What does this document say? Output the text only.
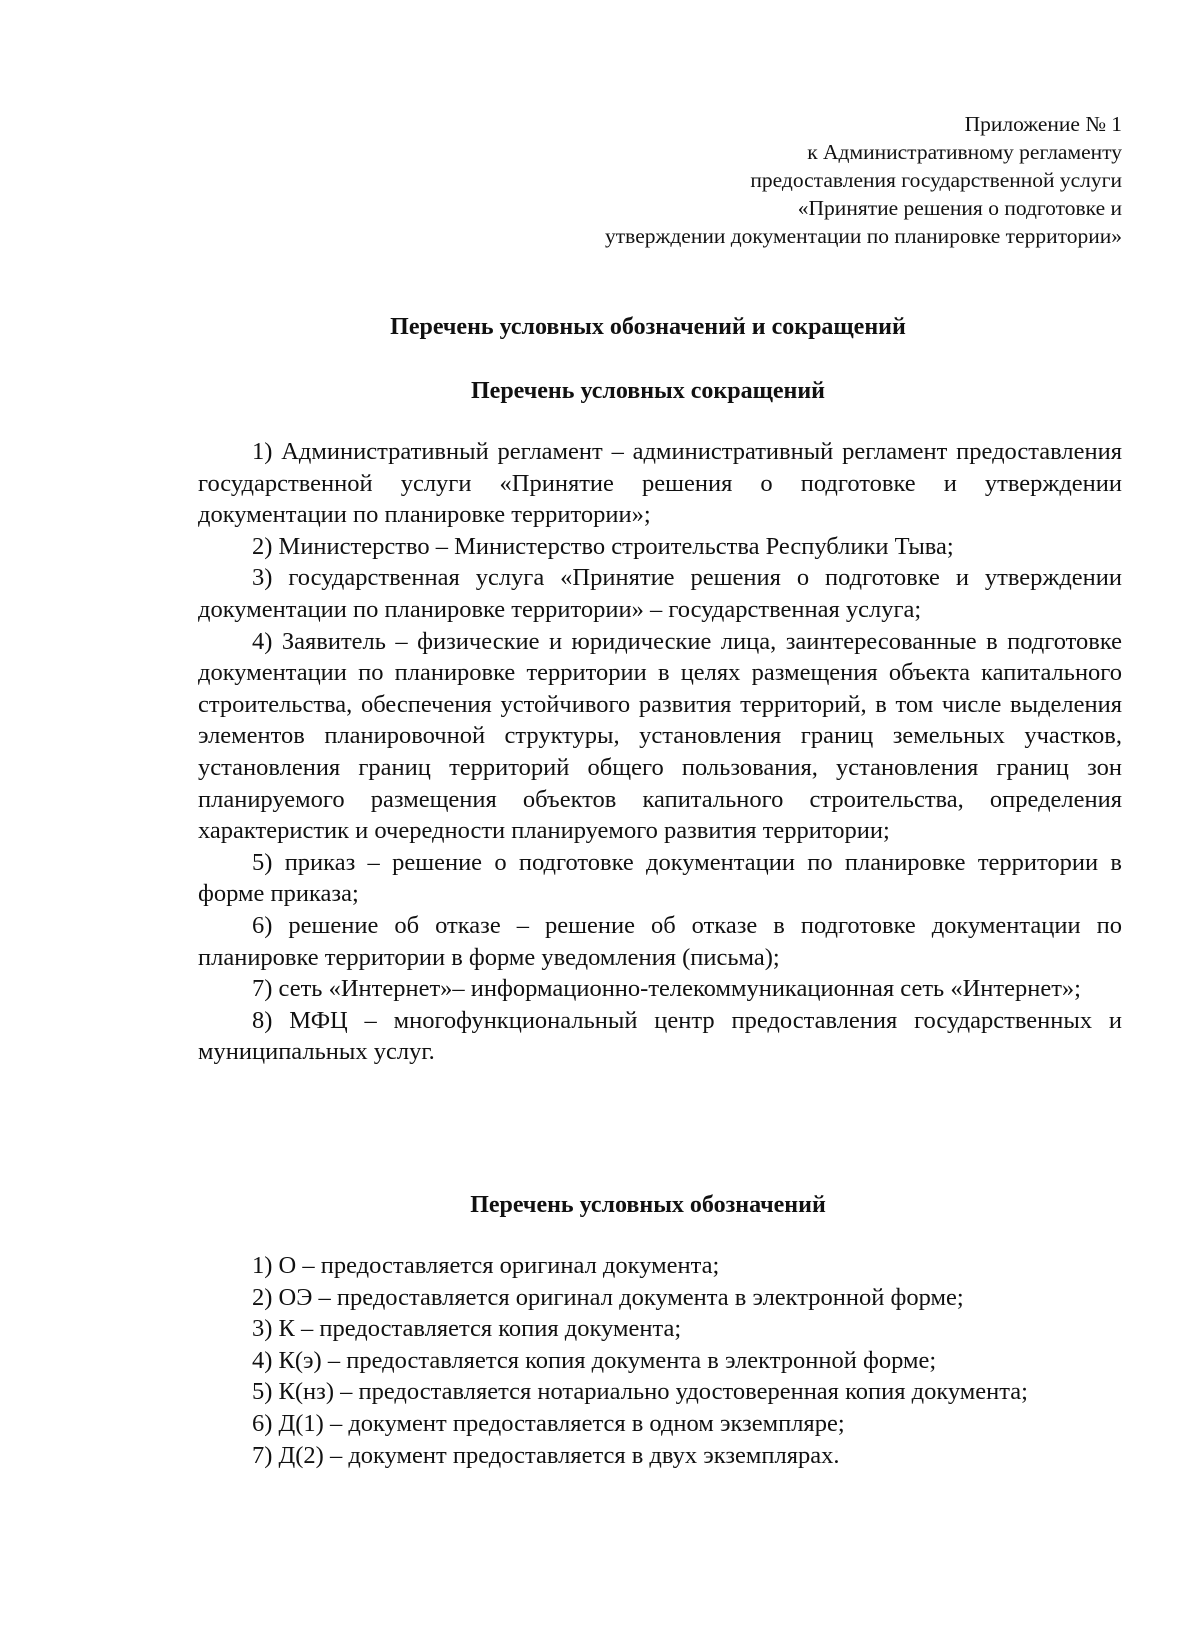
Приложение № 1
к Административному регламенту
предоставления государственной услуги
«Принятие решения о подготовке и
утверждении документации по планировке территории»
Перечень условных обозначений и сокращений
Перечень условных сокращений

1) Административный регламент – административный регламент предоставления государственной услуги «Принятие решения о подготовке и утверждении документации по планировке территории»;

2) Министерство – Министерство строительства Республики Тыва;

3) государственная услуга «Принятие решения о подготовке и утверждении документации по планировке территории» – государственная услуга;

4) Заявитель – физические и юридические лица, заинтересованные в подготовке документации по планировке территории в целях размещения объекта капитального строительства, обеспечения устойчивого развития территорий, в том числе выделения элементов планировочной структуры, установления границ земельных участков, установления границ территорий общего пользования, установления границ зон планируемого размещения объектов капитального строительства, определения характеристик и очередности планируемого развития территории;

5) приказ – решение о подготовке документации по планировке территории в форме приказа;

6) решение об отказе – решение об отказе в подготовке документации по планировке территории в форме уведомления (письма);

7) сеть «Интернет»– информационно-телекоммуникационная сеть «Интернет»;

8) МФЦ – многофункциональный центр предоставления государственных и муниципальных услуг.

Перечень условных обозначений

1) О – предоставляется оригинал документа;

2) ОЭ – предоставляется оригинал документа в электронной форме;

3) К – предоставляется копия документа;

4) К(э) – предоставляется копия документа в электронной форме;

5) К(нз) – предоставляется нотариально удостоверенная копия документа;

6) Д(1) – документ предоставляется в одном экземпляре;

7) Д(2) – документ предоставляется в двух экземплярах.
